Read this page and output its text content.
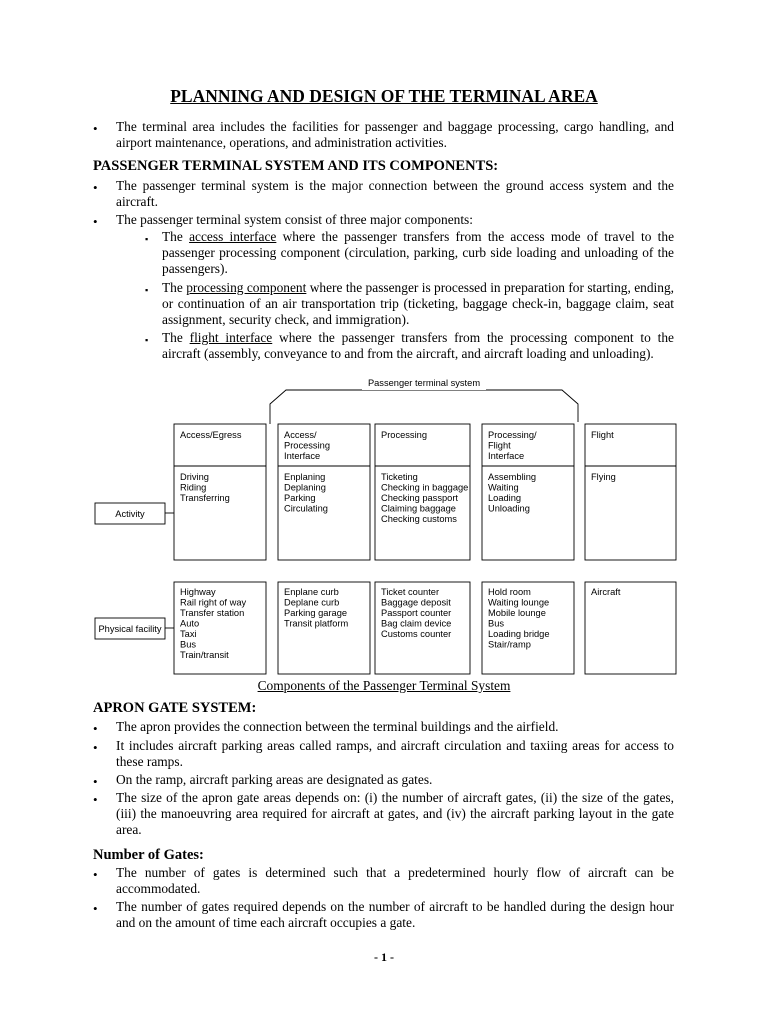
PLANNING AND DESIGN OF THE TERMINAL AREA
• The terminal area includes the facilities for passenger and baggage processing, cargo handling, and airport maintenance, operations, and administration activities.
PASSENGER TERMINAL SYSTEM AND ITS COMPONENTS:
• The passenger terminal system is the major connection between the ground access system and the aircraft.
• The passenger terminal system consist of three major components:
▪ The access interface where the passenger transfers from the access mode of travel to the passenger processing component (circulation, parking, curb side loading and unloading of the passengers).
▪ The processing component where the passenger is processed in preparation for starting, ending, or continuation of an air transportation trip (ticketing, baggage check-in, baggage claim, seat assignment, security check, and immigration).
▪ The flight interface where the passenger transfers from the processing component to the aircraft (assembly, conveyance to and from the aircraft, and aircraft loading and unloading).
Passenger terminal system
Activity
Physical facility
Access/Egress
Driving
Riding
Transferring
Highway
Rail right of way
Transfer station
Auto
Taxi
Bus
Train/transit
Access/
Processing
Interface
Enplaning
Deplaning
Parking
Circulating
Enplane curb
Deplane curb
Parking garage
Transit platform
Processing
Ticketing
Checking in baggage
Checking passport
Claiming baggage
Checking customs
Ticket counter
Baggage deposit
Passport counter
Bag claim device
Customs counter
Processing/
Flight
Interface
Assembling
Waiting
Loading
Unloading
Hold room
Waiting lounge
Mobile lounge
Bus
Loading bridge
Stair/ramp
Flight
Flying
Aircraft
Components of the Passenger Terminal System
APRON GATE SYSTEM:
• The apron provides the connection between the terminal buildings and the airfield.
• It includes aircraft parking areas called ramps, and aircraft circulation and taxiing areas for access to these ramps.
• On the ramp, aircraft parking areas are designated as gates.
• The size of the apron gate areas depends on: (i) the number of aircraft gates, (ii) the size of the gates, (iii) the manoeuvring area required for aircraft at gates, and (iv) the aircraft parking layout in the gate area.
Number of Gates:
• The number of gates is determined such that a predetermined hourly flow of aircraft can be accommodated.
• The number of gates required depends on the number of aircraft to be handled during the design hour and on the amount of time each aircraft occupies a gate.
- 1 -
